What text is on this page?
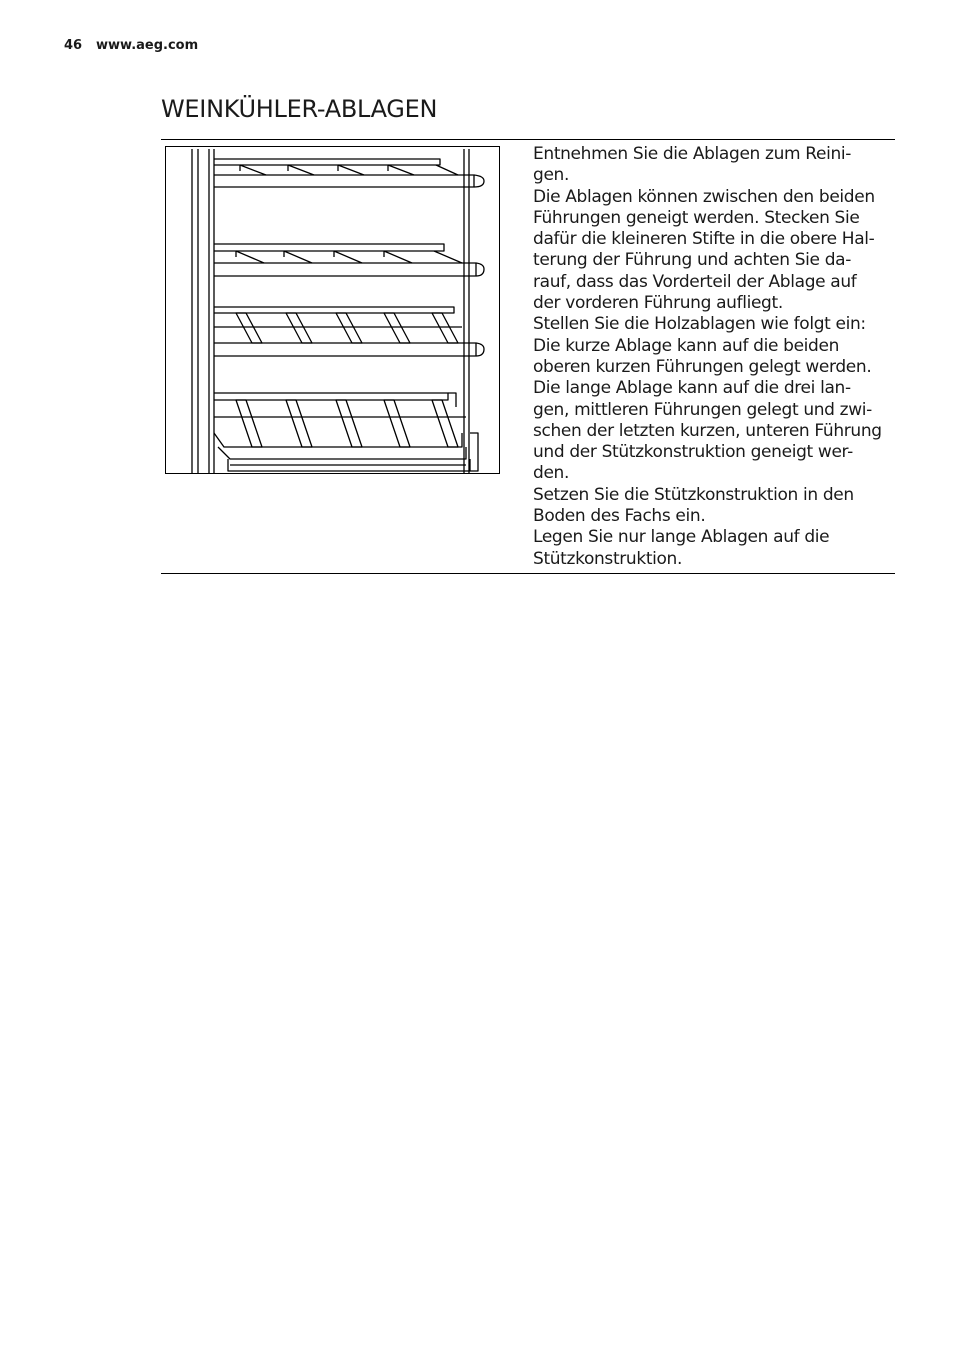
46 www.aeg.com
WEINKÜHLER-ABLAGEN

Entnehmen Sie die Ablagen zum Reini-
gen.

Die Ablagen können zwischen den beiden
Führungen geneigt werden. Stecken Sie
dafür die kleineren Stifte in die obere Hal-
terung der Führung und achten Sie da-
rauf, dass das Vorderteil der Ablage auf
der vorderen Führung aufliegt.

Stellen Sie die Holzablagen wie folgt ein:

Die kurze Ablage kann auf die beiden
oberen kurzen Führungen gelegt werden.

Die lange Ablage kann auf die drei lan-
gen, mittleren Führungen gelegt und zwi-
schen der letzten kurzen, unteren Führung
und der Stützkonstruktion geneigt wer-
den.

Setzen Sie die Stützkonstruktion in den
Boden des Fachs ein.

Legen Sie nur lange Ablagen auf die
Stützkonstruktion.
